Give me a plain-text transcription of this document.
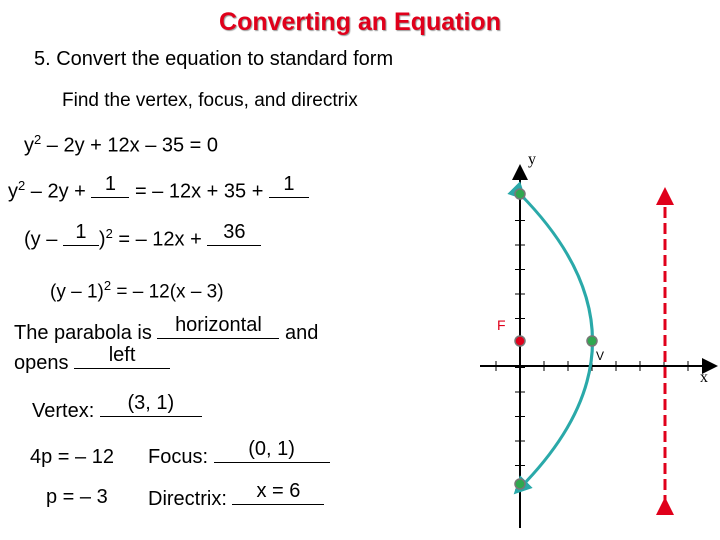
Converting an Equation
5. Convert the equation to standard form
Find the vertex, focus, and directrix
$y^2 - 2y + 12x - 35 = 0$
$y^2 - 2y + 1$ = – 12x + 35 + 1
(y – 1 )$^2$ = – 12x + 36
(y – 1)$^2$ = – 12(x – 3)
The parabola is horizontal and
opens	left
Vertex:	(3, 1)
4p = – 12
p = – 3
Focus:	(0, 1)
Directrix:	x = 6
y
x
F
V
